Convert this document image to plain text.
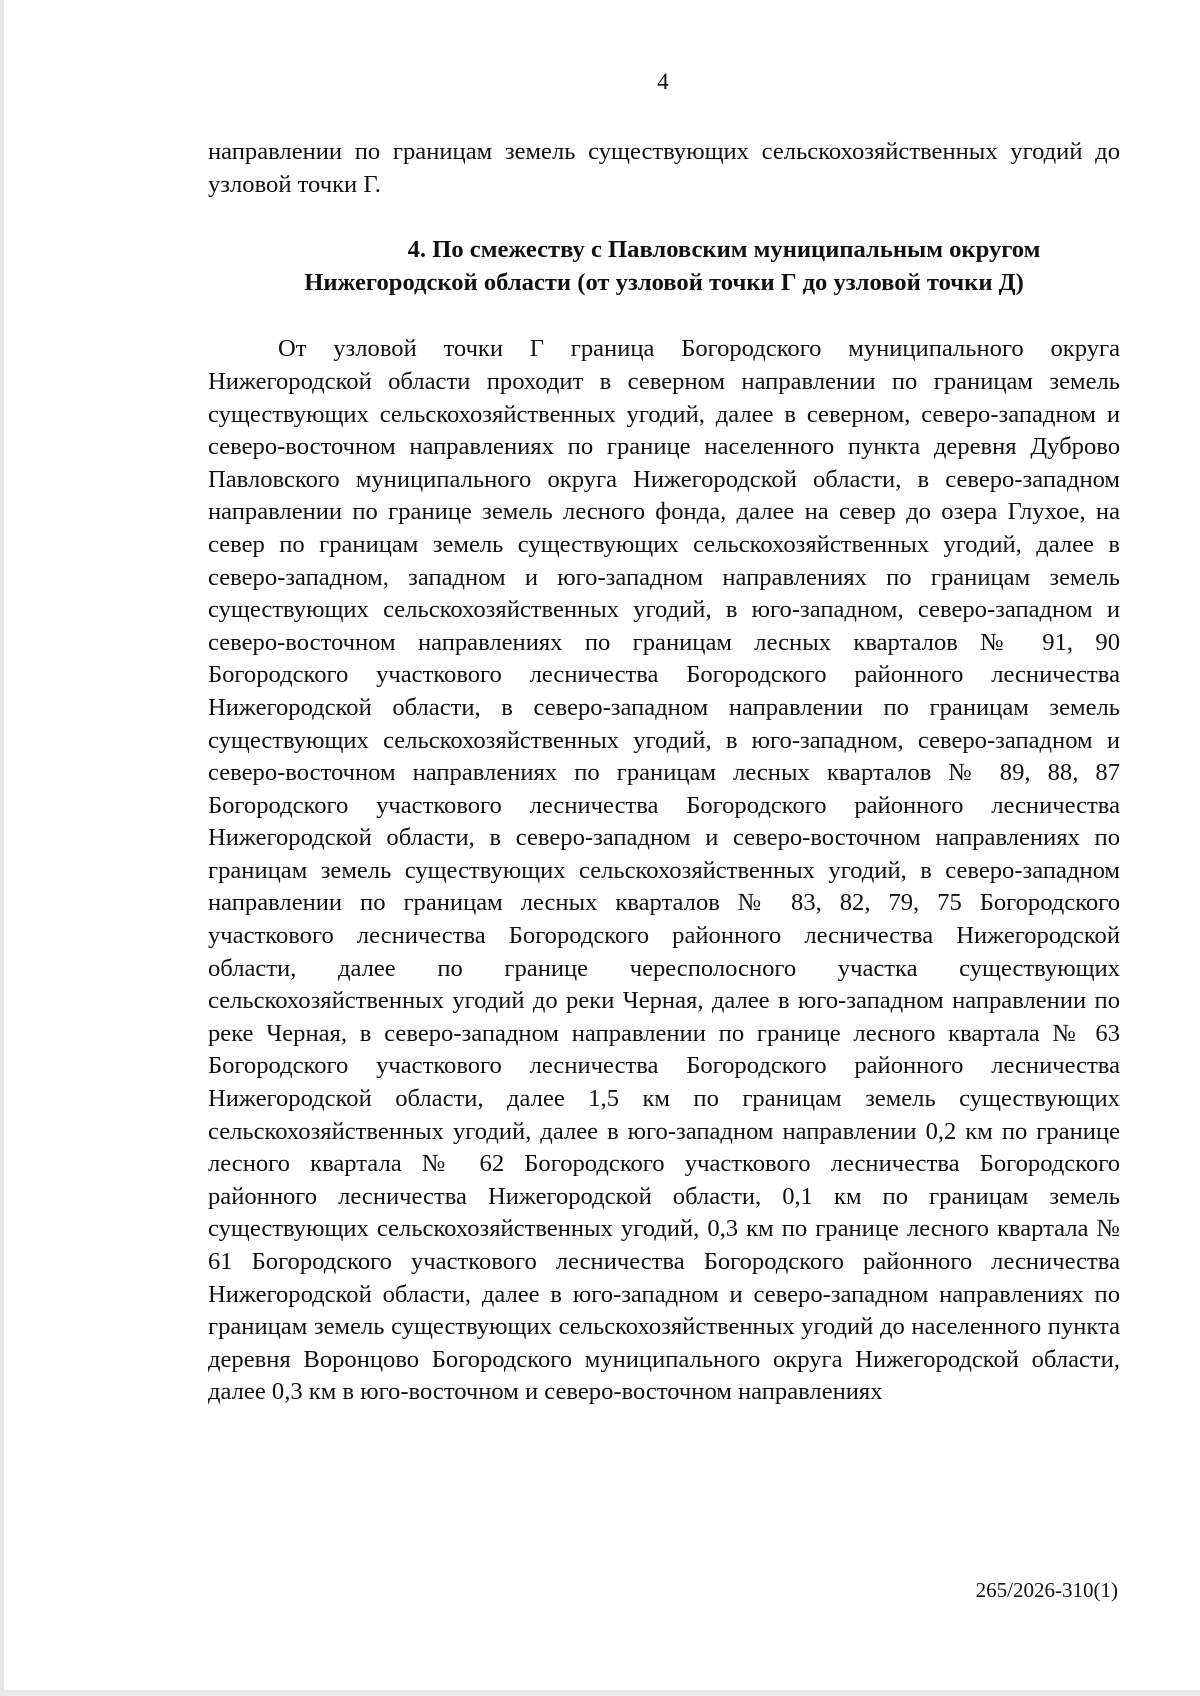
4

направлении по границам земель существующих сельскохозяйственных угодий до узловой точки Г.

4. По смежеству с Павловским муниципальным округом
Нижегородской области (от узловой точки Г до узловой точки Д)

От узловой точки Г граница Богородского муниципального округа Нижегородской области проходит в северном направлении по границам земель существующих сельскохозяйственных угодий, далее в северном, северо-западном и северо-восточном направлениях по границе населенного пункта деревня Дуброво Павловского муниципального округа Нижегородской области, в северо-западном направлении по границе земель лесного фонда, далее на север до озера Глухое, на север по границам земель существующих сельскохозяйственных угодий, далее в северо-западном, западном и юго-западном направлениях по границам земель существующих сельскохозяйственных угодий, в юго-западном, северо-западном и северо-восточном направлениях по границам лесных кварталов № 91, 90 Богородского участкового лесничества Богородского районного лесничества Нижегородской области, в северо-западном направлении по границам земель существующих сельскохозяйственных угодий, в юго-западном, северо-западном и северо-восточном направлениях по границам лесных кварталов № 89, 88, 87 Богородского участкового лесничества Богородского районного лесничества Нижегородской области, в северо-западном и северо-восточном направлениях по границам земель существующих сельскохозяйственных угодий, в северо-западном направлении по границам лесных кварталов № 83, 82, 79, 75 Богородского участкового лесничества Богородского районного лесничества Нижегородской области, далее по границе чересполосного участка существующих сельскохозяйственных угодий до реки Черная, далее в юго-западном направлении по реке Черная, в северо-западном направлении по границе лесного квартала № 63 Богородского участкового лесничества Богородского районного лесничества Нижегородской области, далее 1,5 км по границам земель существующих сельскохозяйственных угодий, далее в юго-западном направлении 0,2 км по границе лесного квартала № 62 Богородского участкового лесничества Богородского районного лесничества Нижегородской области, 0,1 км по границам земель существующих сельскохозяйственных угодий, 0,3 км по границе лесного квартала № 61 Богородского участкового лесничества Богородского районного лесничества Нижегородской области, далее в юго-западном и северо-западном направлениях по границам земель существующих сельскохозяйственных угодий до населенного пункта деревня Воронцово Богородского муниципального округа Нижегородской области, далее 0,3 км в юго-восточном и северо-восточном направлениях

265/2026-310(1)
